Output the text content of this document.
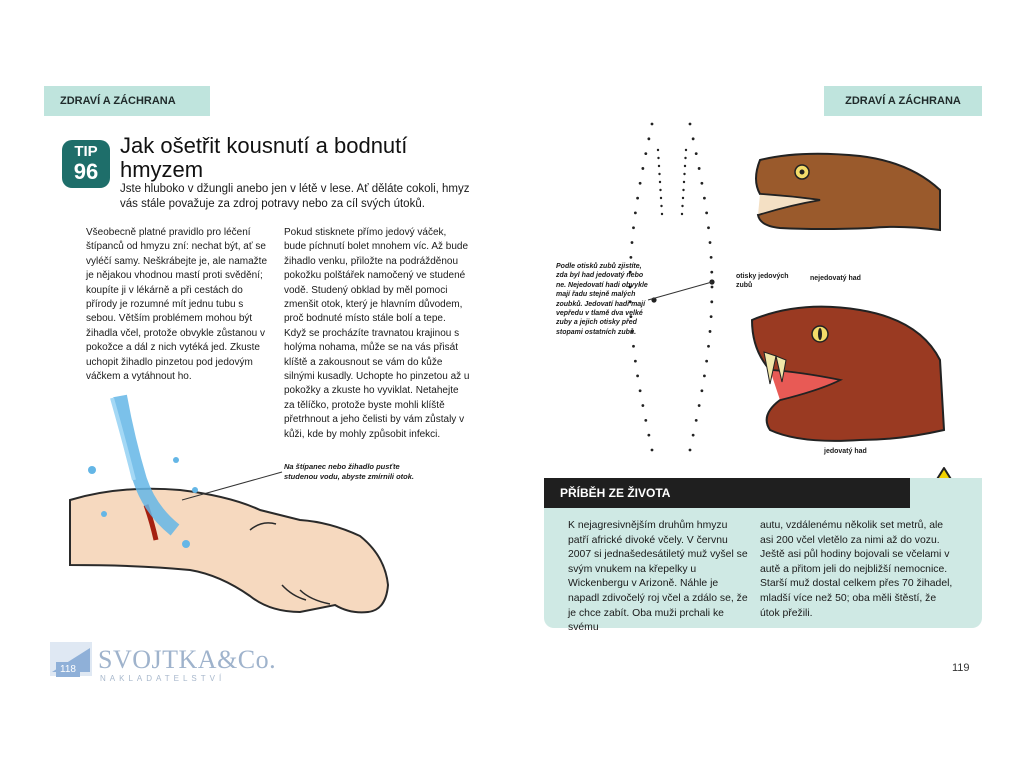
ZDRAVÍ A ZÁCHRANA	ZDRAVÍ A ZÁCHRANA
TIP
96
Jak ošetřit kousnutí a bodnutí hmyzem
Jste hluboko v džungli anebo jen v létě v lese. Ať děláte cokoli, hmyz vás stále považuje za zdroj potravy nebo za cíl svých útoků.
Všeobecně platné pravidlo pro léčení štípanců od hmyzu zní: nechat být, ať se vyléčí samy. Neškrábejte je, ale namažte je nějakou vhodnou mastí proti svědění; koupíte ji v lékárně a při cestách do přírody je rozumné mít jednu tubu s sebou. Větším problémem mohou být žihadla včel, protože obvykle zůstanou v pokožce a dál z nich vytéká jed. Zkuste uchopit žihadlo pinzetou pod jedovým váčkem a vytáhnout ho.
Pokud stisknete přímo jedový váček, bude píchnutí bolet mnohem víc. Až bude žihadlo venku, přiložte na podrážděnou pokožku polštářek namočený ve studené vodě. Studený obklad by měl pomoci zmenšit otok, který je hlavním důvodem, proč bodnuté místo stále bolí a tepe. Když se procházíte travnatou krajinou s holýma nohama, může se na vás přisát klíště a zakousnout se vám do kůže silnými kusadly. Uchopte ho pinzetou až u pokožky a zkuste ho vyviklat. Netahejte za tělíčko, protože byste mohli klíště přetrhnout a jeho čelisti by vám zůstaly v kůži, kde by mohly způsobit infekci.
Na štípanec nebo žihadlo pusťte studenou vodu, abyste zmírnili otok.
Podle otisků zubů zjistíte, zda byl had jedovatý nebo ne. Nejedovatí hadi obvykle mají řadu stejně malých zoubků. Jedovatí hadi mají vepředu v tlamě dva velké zuby a jejich otisky před stopami ostatních zubů.
otisky jedových zubů
nejedovatý had
jedovatý had
PŘÍBĚH ZE ŽIVOTA
K nejagresivnějším druhům hmyzu patří africké divoké včely. V červnu 2007 si jednašedesátiletý muž vyšel se svým vnukem na křepelky u Wickenbergu v Arizoně. Náhle je napadl zdivočelý roj včel a zdálo se, že je chce zabít. Oba muži prchali ke svému
autu, vzdálenému několik set metrů, ale asi 200 včel vletělo za nimi až do vozu. Ještě asi půl hodiny bojovali se včelami v autě a přitom jeli do nejbližší nemocnice. Starší muž dostal celkem přes 70 žihadel, mladší více než 50; oba měli štěstí, že útok přežili.
SVOJTKA&Co.
NAKLADATELSTVÍ
118	119
